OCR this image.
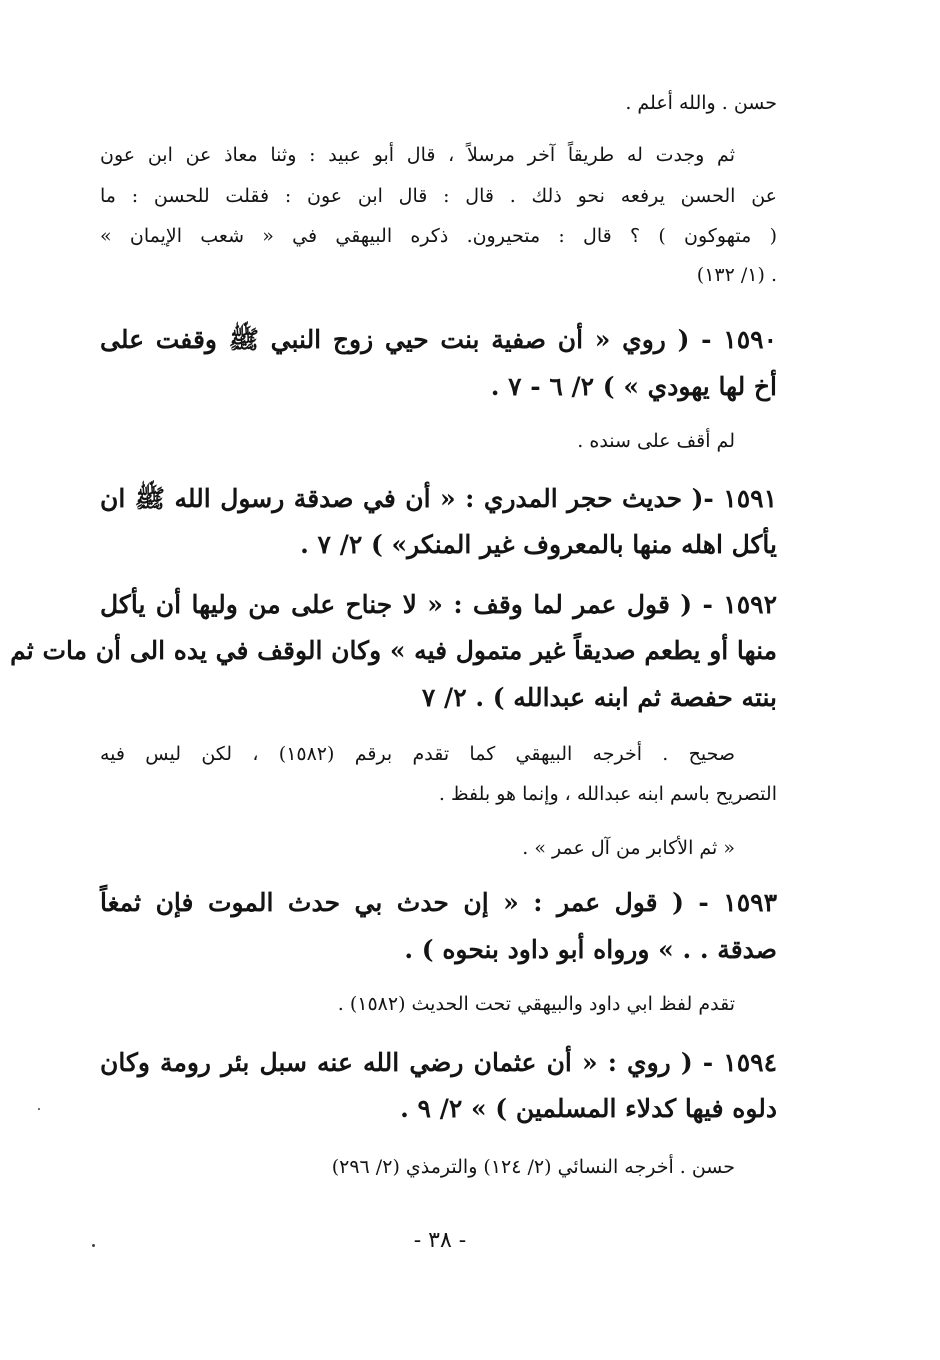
حسن . والله أعلم .

ثم وجدت له طريقاً آخر مرسلاً ، قال أبو عبيد : وثنا معاذ عن ابن عون

عن الحسن يرفعه نحو ذلك . قال : قال ابن عون : فقلت للحسن : ما

( متهوكون ) ؟ قال : متحيرون. ذكره البيهقي في « شعب الإيمان »

(١/ ١٣٢) .

١٥٩٠ - ( روي « أن صفية بنت حيي زوج النبي ﷺ وقفت على

أخ لها يهودي » ) ٢/ ٦ - ٧ .

لم أقف على سنده .

١٥٩١ -( حديث حجر المدري : « أن في صدقة رسول الله ﷺ ان

يأكل اهله منها بالمعروف غير المنكر» ) ٢/ ٧ .

١٥٩٢ - ( قول عمر لما وقف : « لا جناح على من وليها أن يأكل

منها أو يطعم صديقاً غير متمول فيه » وكان الوقف في يده الى أن مات ثم

بنته حفصة ثم ابنه عبدالله ) . ٢/ ٧

صحيح . أخرجه البيهقي كما تقدم برقم (١٥٨٢) ، لكن ليس فيه

التصريح باسم ابنه عبدالله ، وإنما هو بلفظ .

« ثم الأكابر من آل عمر » .

١٥٩٣ - ( قول عمر : « إن حدث بي حدث الموت فإن ثمغاً

صدقة . . » ورواه أبو داود بنحوه ) .

تقدم لفظ ابي داود والبيهقي تحت الحديث (١٥٨٢) .

١٥٩٤ - ( روي : « أن عثمان رضي الله عنه سبل بئر رومة وكان

دلوه فيها كدلاء المسلمين ) » ٢/ ٩ .

حسن . أخرجه النسائي (٢/ ١٢٤) والترمذي (٢/ ٢٩٦)

- ٣٨ -
